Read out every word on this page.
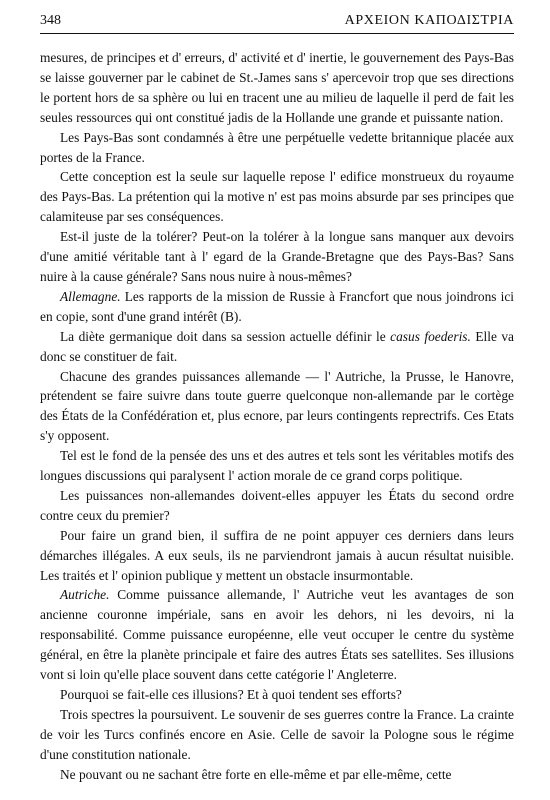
348	ΑΡΧΕΙΟΝ ΚΑΠΟΔΙΣΤΡΙΑ

mesures, de principes et d' erreurs, d' activité et d' inertie, le gouvernement des Pays-Bas se laisse gouverner par le cabinet de St.-James sans s' apercevoir trop que ses directions le portent hors de sa sphère ou lui en tracent une au milieu de laquelle il perd de fait les seules ressources qui ont constitué jadis de la Hollande une grande et puissante nation.

Les Pays-Bas sont condamnés à être une perpétuelle vedette britannique placée aux portes de la France.

Cette conception est la seule sur laquelle repose l' edifice monstrueux du royaume des Pays-Bas. La prétention qui la motive n' est pas moins absurde par ses principes que calamiteuse par ses conséquences.

Est-il juste de la tolérer? Peut-on la tolérer à la longue sans manquer aux devoirs d'une amitié véritable tant à l' egard de la Grande-Bretagne que des Pays-Bas? Sans nuire à la cause générale? Sans nous nuire à nous-mêmes?

Allemagne. Les rapports de la mission de Russie à Francfort que nous joindrons ici en copie, sont d'une grand intérêt (B).

La diète germanique doit dans sa session actuelle définir le casus foederis. Elle va donc se constituer de fait.

Chacune des grandes puissances allemande — l' Autriche, la Prusse, le Hanovre, prétendent se faire suivre dans toute guerre quelconque non-allemande par le cortège des États de la Confédération et, plus ecnore, par leurs contingents reprectrifs. Ces Etats s'y opposent.

Tel est le fond de la pensée des uns et des autres et tels sont les véritables motifs des longues discussions qui paralysent l' action morale de ce grand corps politique.

Les puissances non-allemandes doivent-elles appuyer les États du second ordre contre ceux du premier?

Pour faire un grand bien, il suffira de ne point appuyer ces derniers dans leurs démarches illégales. A eux seuls, ils ne parviendront jamais à aucun résultat nuisible. Les traités et l' opinion publique y mettent un obstacle insurmontable.

Autriche. Comme puissance allemande, l' Autriche veut les avantages de son ancienne couronne impériale, sans en avoir les dehors, ni les devoirs, ni la responsabilité. Comme puissance européenne, elle veut occuper le centre du système général, en être la planète principale et faire des autres États ses satellites. Ses illusions vont si loin qu'elle place souvent dans cette catégorie l' Angleterre.

Pourquoi se fait-elle ces illusions? Et à quoi tendent ses efforts?

Trois spectres la poursuivent. Le souvenir de ses guerres contre la France. La crainte de voir les Turcs confinés encore en Asie. Celle de savoir la Pologne sous le régime d'une constitution nationale.

Ne pouvant ou ne sachant être forte en elle-même et par elle-même, cette
